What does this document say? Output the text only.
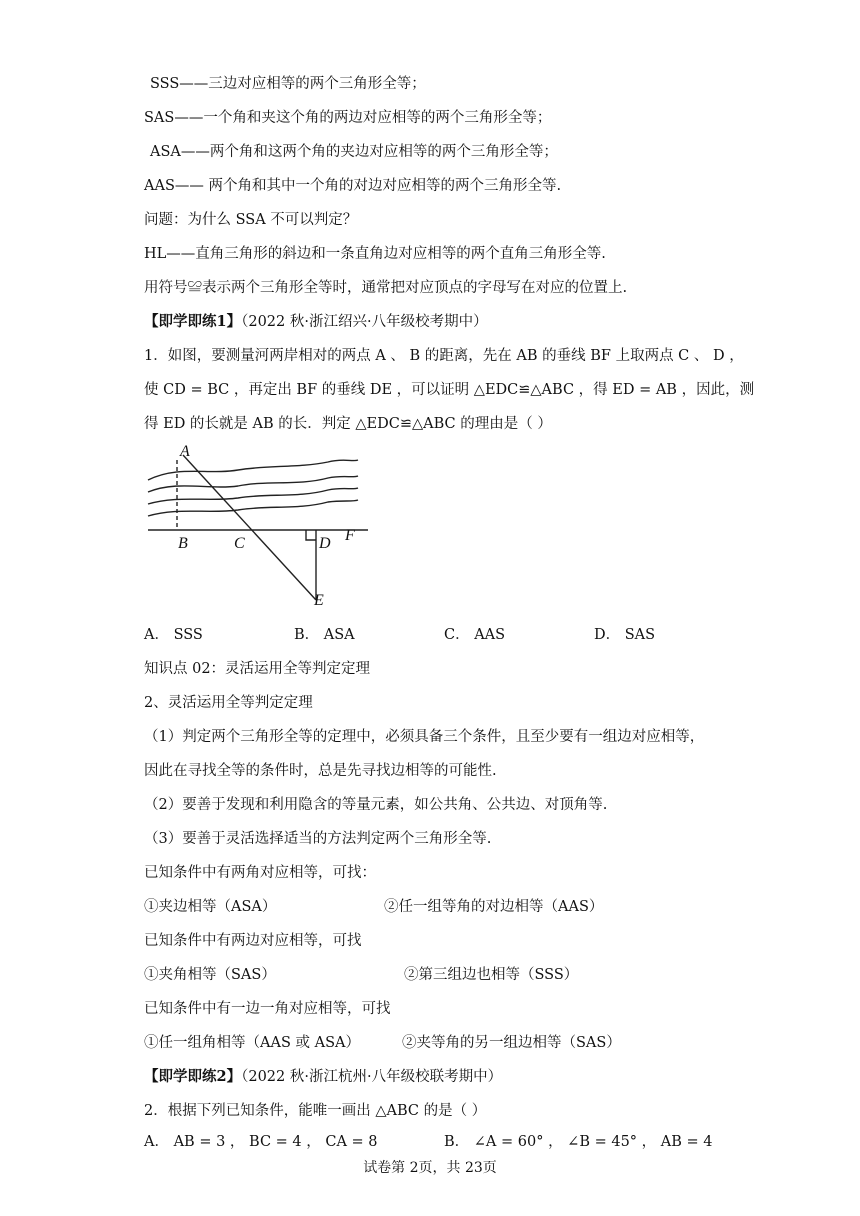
SSS——三边对应相等的两个三角形全等；
SAS——一个角和夹这个角的两边对应相等的两个三角形全等；
ASA——两个角和这两个角的夹边对应相等的两个三角形全等；
AAS—— 两个角和其中一个角的对边对应相等的两个三角形全等.
问题：为什么 SSA 不可以判定？
HL——直角三角形的斜边和一条直角边对应相等的两个直角三角形全等.
用符号≌表示两个三角形全等时，通常把对应顶点的字母写在对应的位置上.
【即学即练1】（2022 秋·浙江绍兴·八年级校考期中）
1．如图，要测量河两岸相对的两点 A 、 B 的距离，先在 AB 的垂线 BF 上取两点 C 、 D ，
使 CD = BC ，再定出 BF 的垂线 DE ，可以证明 △EDC≌△ABC ，得 ED = AB ，因此，测
得 ED 的长就是 AB 的长．判定 △EDC≌△ABC 的理由是（ ）
A
B	C	D
E
F
A． SSS	B． ASA	C． AAS	D． SAS
知识点 02：灵活运用全等判定定理
2、灵活运用全等判定定理
（1）判定两个三角形全等的定理中，必须具备三个条件，且至少要有一组边对应相等，
因此在寻找全等的条件时，总是先寻找边相等的可能性.
（2）要善于发现和利用隐含的等量元素，如公共角、公共边、对顶角等.
（3）要善于灵活选择适当的方法判定两个三角形全等.
已知条件中有两角对应相等，可找：
①夹边相等（ASA）	②任一组等角的对边相等（AAS）
已知条件中有两边对应相等，可找
①夹角相等（SAS）	②第三组边也相等（SSS）
已知条件中有一边一角对应相等，可找
①任一组角相等（AAS 或 ASA）	②夹等角的另一组边相等（SAS）
【即学即练2】（2022 秋·浙江杭州·八年级校联考期中）
2．根据下列已知条件，能唯一画出 △ABC 的是（ ）
A． AB = 3 ， BC = 4 ， CA = 8	B． ∠A = 60° ， ∠B = 45° ， AB = 4
试卷第 2页，共 23页
